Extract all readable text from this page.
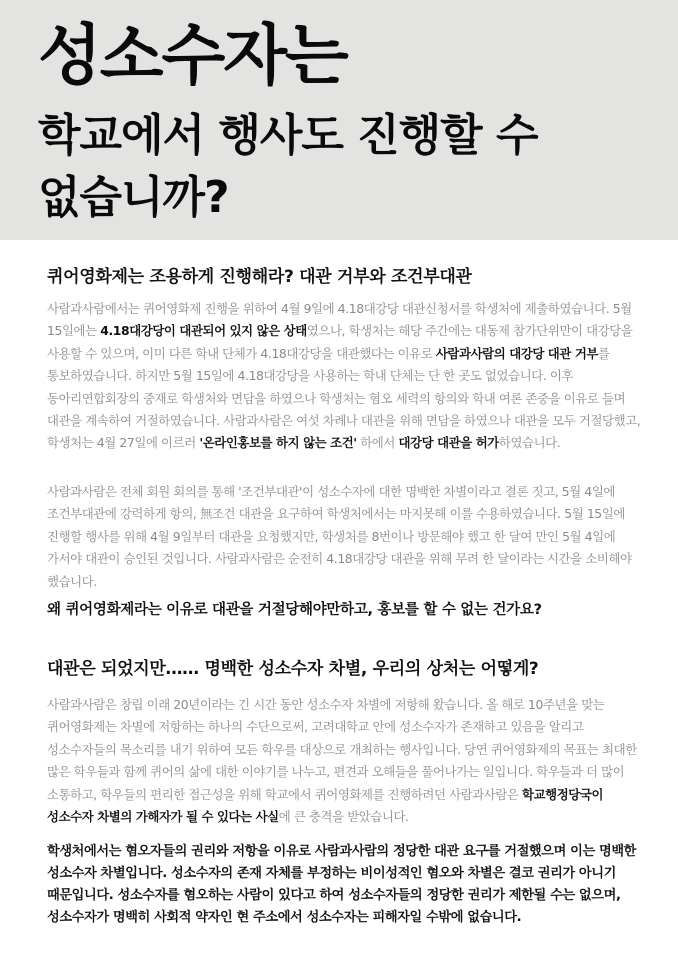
성소수자는
학교에서 행사도 진행할 수
없습니까?
퀴어영화제는 조용하게 진행해라? 대관 거부와 조건부대관
사람과사람에서는 퀴어영화제 진행을 위하여 4월 9일에 4.18대강당 대관신청서를 학생처에 제출하였습니다. 5월 15일에는 4.18대강당이 대관되어 있지 않은 상태였으나, 학생처는 해당 주간에는 대동제 참가단위만이 대강당을 사용할 수 있으며, 이미 다른 학내 단체가 4.18대강당을 대관했다는 이유로 사람과사람의 대강당 대관 거부를 통보하였습니다. 하지만 5월 15일에 4.18대강당을 사용하는 학내 단체는 단 한 곳도 없었습니다. 이후 동아리연합회장의 중재로 학생처와 면담을 하였으나 학생처는 혐오 세력의 항의와 학내 여론 존중을 이유로 들며 대관을 계속하여 거절하였습니다. 사람과사람은 여섯 차례나 대관을 위해 면담을 하였으나 대관을 모두 거절당했고, 학생처는 4월 27일에 이르러 '온라인홍보를 하지 않는 조건' 하에서 대강당 대관을 허가하였습니다.
사람과사람은 전체 회원 회의를 통해 '조건부대관'이 성소수자에 대한 명백한 차별이라고 결론 짓고, 5월 4일에 조건부대관에 강력하게 항의, 無조건 대관을 요구하여 학생처에서는 마지못해 이를 수용하였습니다. 5월 15일에 진행할 행사를 위해 4월 9일부터 대관을 요청했지만, 학생처를 8번이나 방문해야 했고 한 달여 만인 5월 4일에 가서야 대관이 승인된 것입니다. 사람과사람은 순전히 4.18대강당 대관을 위해 무려 한 달이라는 시간을 소비해야 했습니다.
왜 퀴어영화제라는 이유로 대관을 거절당해야만하고, 홍보를 할 수 없는 건가요?
대관은 되었지만…… 명백한 성소수자 차별, 우리의 상처는 어떻게?
사람과사람은 창립 이래 20년이라는 긴 시간 동안 성소수자 차별에 저항해 왔습니다. 올 해로 10주년을 맞는 퀴어영화제는 차별에 저항하는 하나의 수단으로써, 고려대학교 안에 성소수자가 존재하고 있음을 알리고 성소수자들의 목소리를 내기 위하여 모든 학우를 대상으로 개최하는 행사입니다. 당연 퀴어영화제의 목표는 최대한 많은 학우들과 함께 퀴어의 삶에 대한 이야기를 나누고, 편견과 오해들을 풀어나가는 일입니다. 학우들과 더 많이 소통하고, 학우들의 편리한 접근성을 위해 학교에서 퀴어영화제를 진행하려던 사람과사람은 학교행정당국이 성소수자 차별의 가해자가 될 수 있다는 사실에 큰 충격을 받았습니다.
학생처에서는 혐오자들의 권리와 저항을 이유로 사람과사람의 정당한 대관 요구를 거절했으며 이는 명백한 성소수자 차별입니다. 성소수자의 존재 자체를 부정하는 비이성적인 혐오와 차별은 결코 권리가 아니기 때문입니다. 성소수자를 혐오하는 사람이 있다고 하여 성소수자들의 정당한 권리가 제한될 수는 없으며, 성소수자가 명백히 사회적 약자인 현 주소에서 성소수자는 피해자일 수밖에 없습니다.
